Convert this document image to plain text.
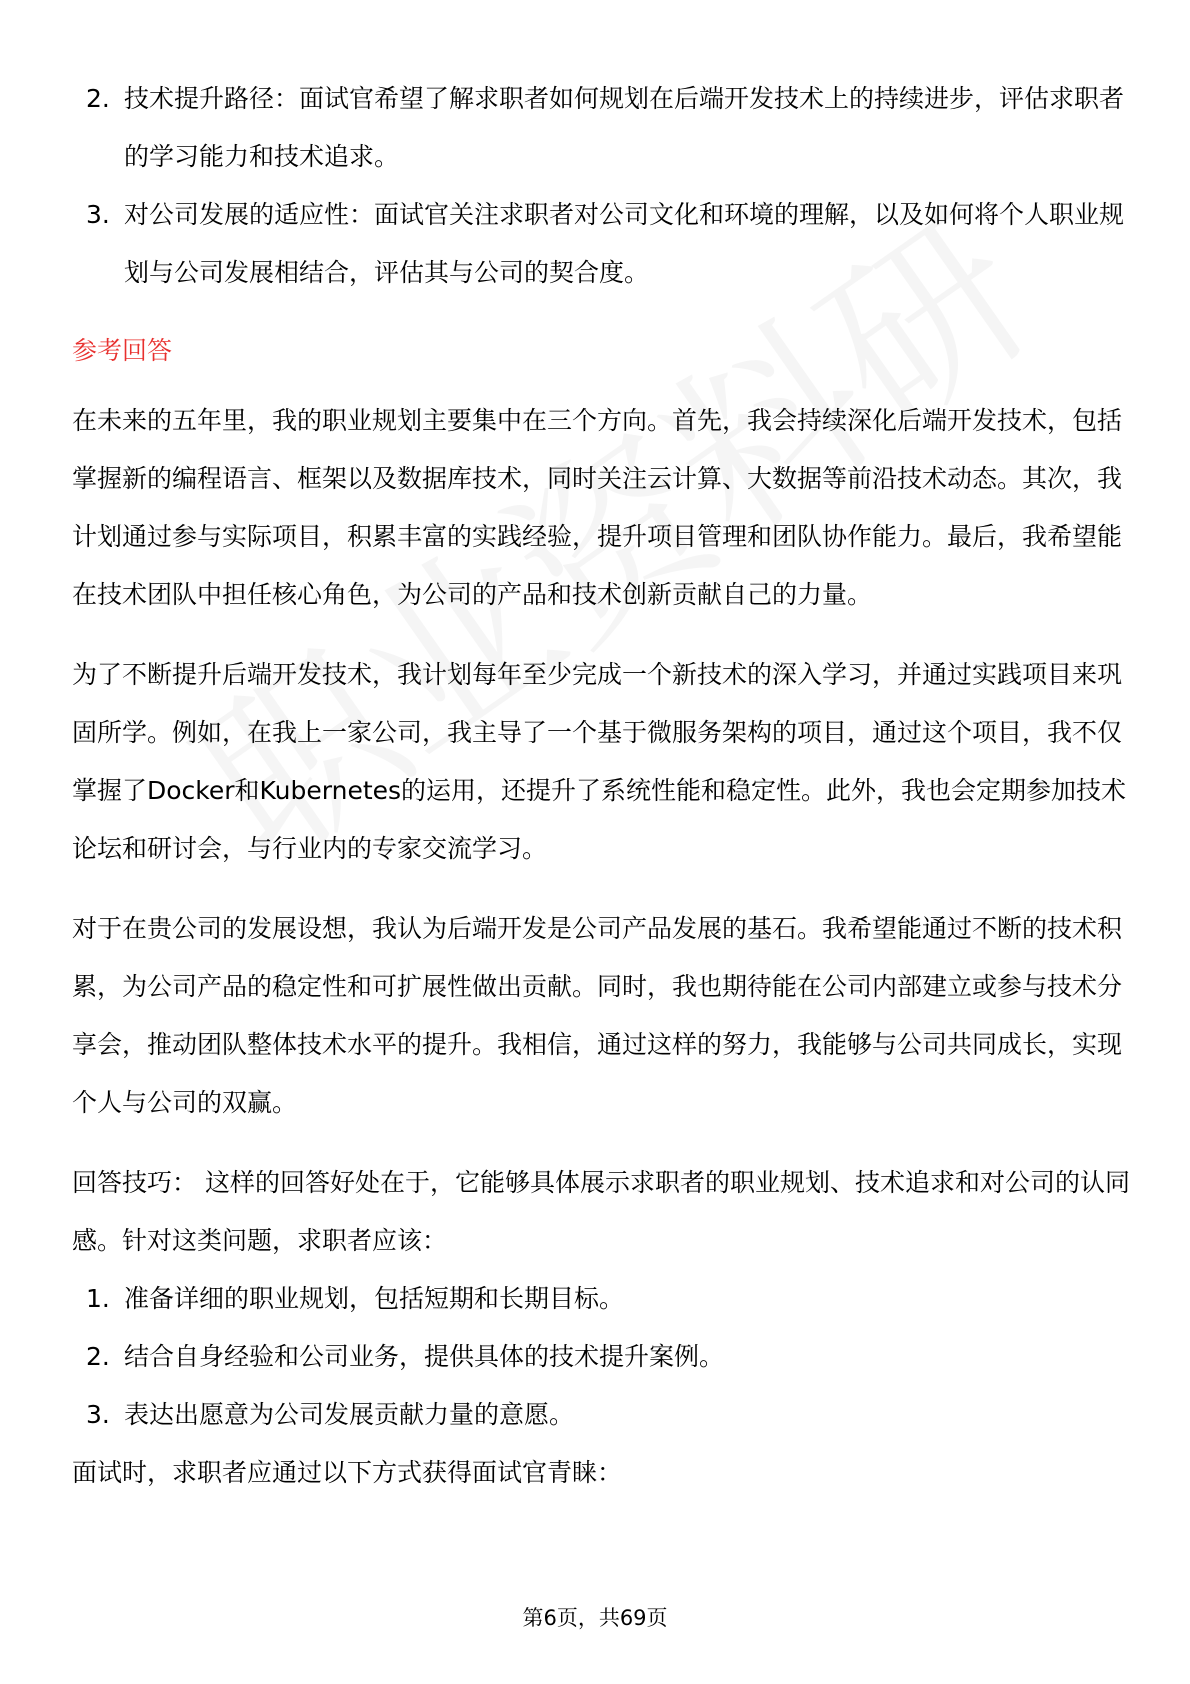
2. 技术提升路径：面试官希望了解求职者如何规划在后端开发技术上的持续进步，评估求职者的学习能力和技术追求。
3. 对公司发展的适应性：面试官关注求职者对公司文化和环境的理解，以及如何将个人职业规划与公司发展相结合，评估其与公司的契合度。
参考回答

在未来的五年里，我的职业规划主要集中在三个方向。首先，我会持续深化后端开发技术，包括掌握新的编程语言、框架以及数据库技术，同时关注云计算、大数据等前沿技术动态。其次，我计划通过参与实际项目，积累丰富的实践经验，提升项目管理和团队协作能力。最后，我希望能在技术团队中担任核心角色，为公司的产品和技术创新贡献自己的力量。

为了不断提升后端开发技术，我计划每年至少完成一个新技术的深入学习，并通过实践项目来巩固所学。例如，在我上一家公司，我主导了一个基于微服务架构的项目，通过这个项目，我不仅掌握了Docker和Kubernetes的运用，还提升了系统性能和稳定性。此外，我也会定期参加技术论坛和研讨会，与行业内的专家交流学习。

对于在贵公司的发展设想，我认为后端开发是公司产品发展的基石。我希望能通过不断的技术积累，为公司产品的稳定性和可扩展性做出贡献。同时，我也期待能在公司内部建立或参与技术分享会，推动团队整体技术水平的提升。我相信，通过这样的努力，我能够与公司共同成长，实现个人与公司的双赢。

回答技巧： 这样的回答好处在于，它能够具体展示求职者的职业规划、技术追求和对公司的认同感。针对这类问题，求职者应该：

1. 准备详细的职业规划，包括短期和长期目标。
2. 结合自身经验和公司业务，提供具体的技术提升案例。
3. 表达出愿意为公司发展贡献力量的意愿。

面试时，求职者应通过以下方式获得面试官青睐：

第6页，共69页
